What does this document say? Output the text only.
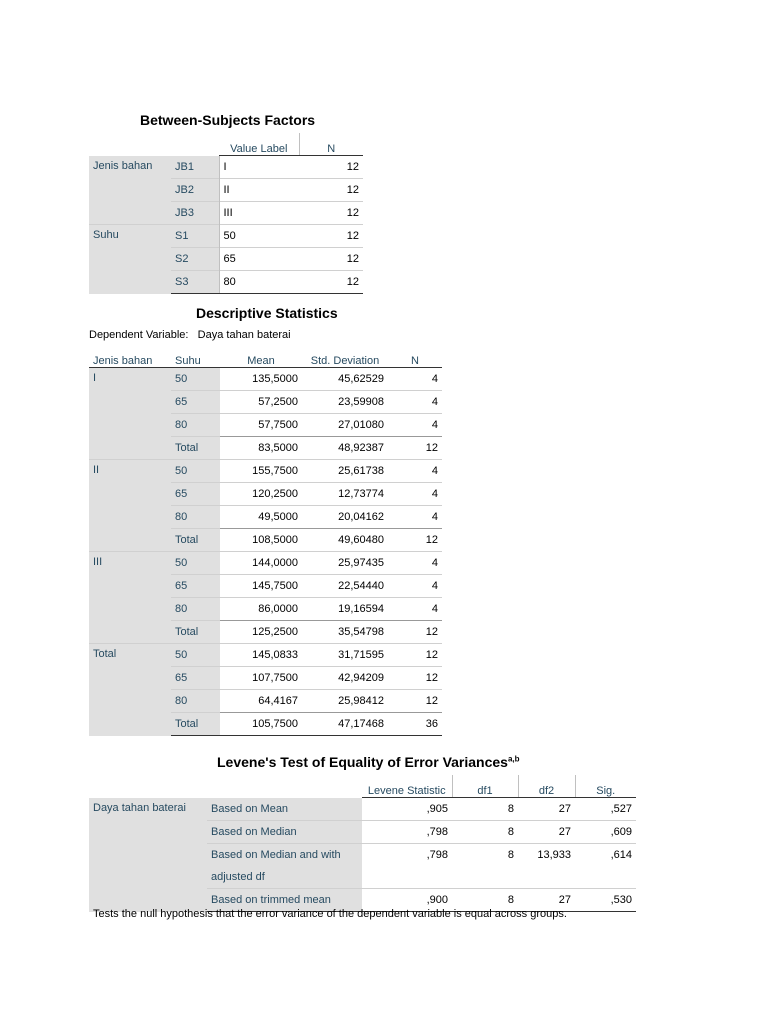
Between-Subjects Factors
		Value Label	N
Jenis bahan	JB1	I	12
	JB2	II	12
	JB3	III	12
Suhu	S1	50	12
	S2	65	12
	S3	80	12
Descriptive Statistics
Dependent Variable: Daya tahan baterai
Jenis bahan	Suhu	Mean	Std. Deviation	N
I	50	135,5000	45,62529	4
	65	57,2500	23,59908	4
	80	57,7500	27,01080	4
	Total	83,5000	48,92387	12
II	50	155,7500	25,61738	4
	65	120,2500	12,73774	4
	80	49,5000	20,04162	4
	Total	108,5000	49,60480	12
III	50	144,0000	25,97435	4
	65	145,7500	22,54440	4
	80	86,0000	19,16594	4
	Total	125,2500	35,54798	12
Total	50	145,0833	31,71595	12
	65	107,7500	42,94209	12
	80	64,4167	25,98412	12
	Total	105,7500	47,17468	36
Levene's Test of Equality of Error Variances$^{a,b}$
		Levene Statistic	df1	df2	Sig.
Daya tahan baterai	Based on Mean	,905	8	27	,527
	Based on Median	,798	8	27	,609
	Based on Median and with	,798	8	13,933	,614
	adjusted df				
	Based on trimmed mean	,900	8	27	,530
Tests the null hypothesis that the error variance of the dependent variable is equal across groups.
